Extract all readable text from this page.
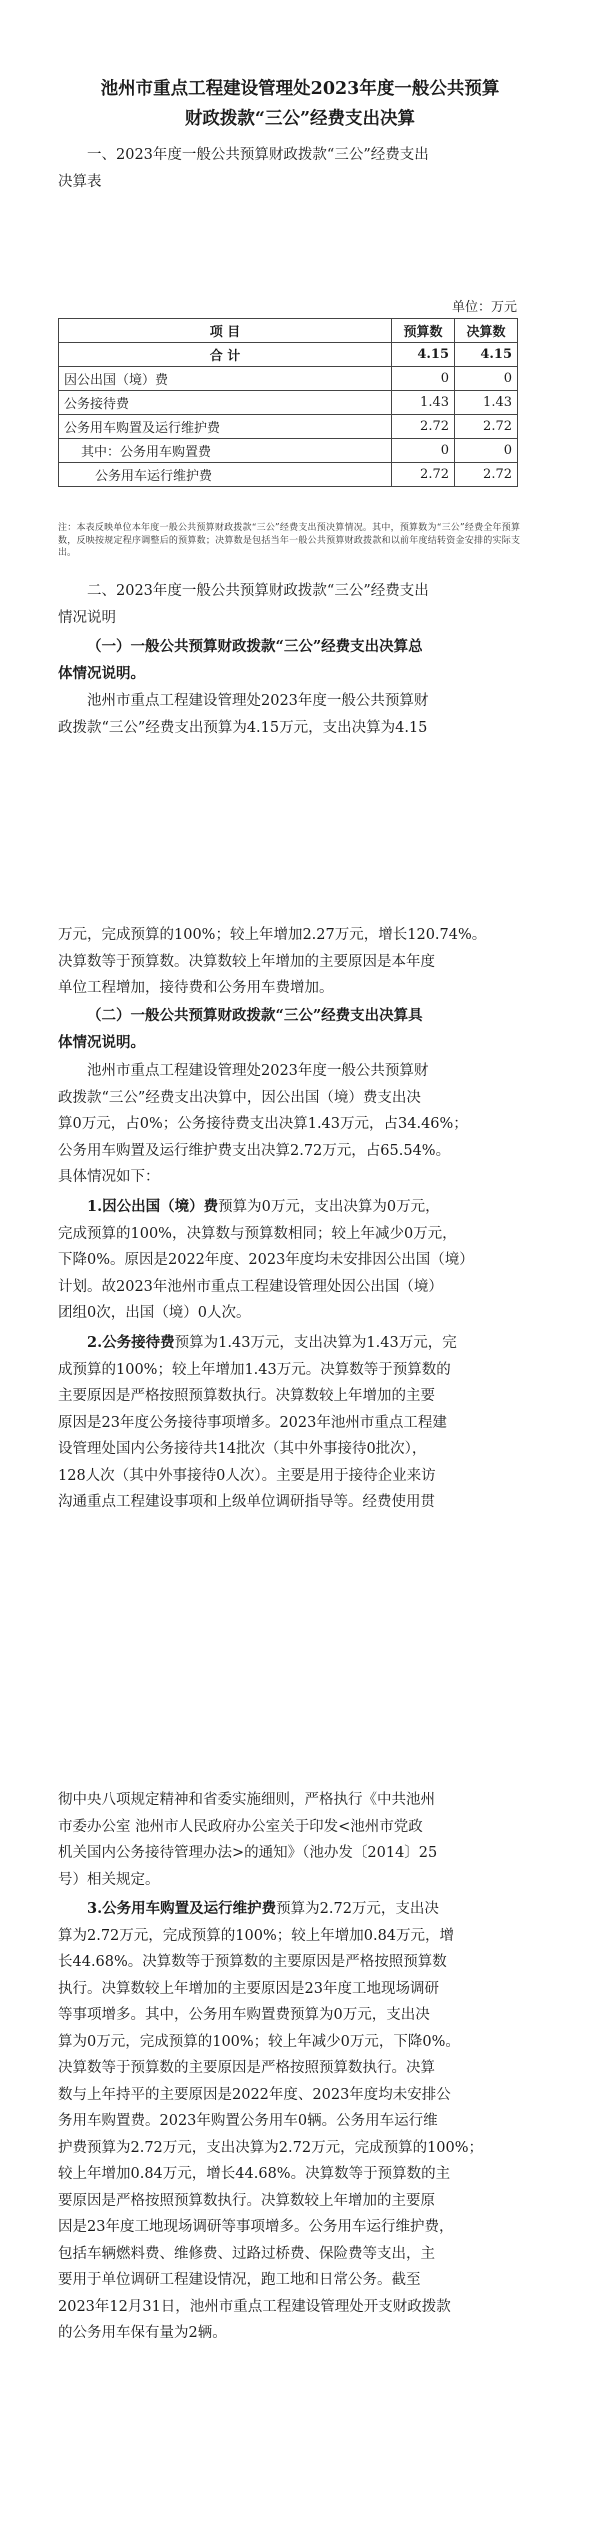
池州市重点工程建设管理处2023年度一般公共预算
财政拨款“三公”经费支出决算
一、2023年度一般公共预算财政拨款“三公”经费支出
决算表
单位：万元
项 目	预算数	决算数
合 计	4.15	4.15
因公出国（境）费	0	0
公务接待费	1.43	1.43
公务用车购置及运行维护费	2.72	2.72
其中：公务用车购置费	0	0
公务用车运行维护费	2.72	2.72
注：本表反映单位本年度一般公共预算财政拨款“三公”经费支出预决算情况。其中，预算数为“三公”经费全年预算数，反映按规定程序调整后的预算数；决算数是包括当年一般公共预算财政拨款和以前年度结转资金安排的实际支出。
二、2023年度一般公共预算财政拨款“三公”经费支出
情况说明
（一）一般公共预算财政拨款“三公”经费支出决算总
体情况说明。
池州市重点工程建设管理处2023年度一般公共预算财
政拨款“三公”经费支出预算为4.15万元，支出决算为4.15
万元，完成预算的100%；较上年增加2.27万元，增长120.74%。
决算数等于预算数。决算数较上年增加的主要原因是本年度
单位工程增加，接待费和公务用车费增加。
（二）一般公共预算财政拨款“三公”经费支出决算具
体情况说明。
池州市重点工程建设管理处2023年度一般公共预算财
政拨款“三公”经费支出决算中，因公出国（境）费支出决
算0万元，占0%；公务接待费支出决算1.43万元，占34.46%；
公务用车购置及运行维护费支出决算2.72万元，占65.54%。
具体情况如下：
1.因公出国（境）费预算为0万元，支出决算为0万元，
完成预算的100%，决算数与预算数相同；较上年减少0万元，
下降0%。原因是2022年度、2023年度均未安排因公出国（境）
计划。故2023年池州市重点工程建设管理处因公出国（境）
团组0次，出国（境）0人次。
2.公务接待费预算为1.43万元，支出决算为1.43万元，完
成预算的100%；较上年增加1.43万元。决算数等于预算数的
主要原因是严格按照预算数执行。决算数较上年增加的主要
原因是23年度公务接待事项增多。2023年池州市重点工程建
设管理处国内公务接待共14批次（其中外事接待0批次），
128人次（其中外事接待0人次）。主要是用于接待企业来访
沟通重点工程建设事项和上级单位调研指导等。经费使用贯
彻中央八项规定精神和省委实施细则，严格执行《中共池州
市委办公室 池州市人民政府办公室关于印发<池州市党政
机关国内公务接待管理办法>的通知》（池办发〔2014〕25
号）相关规定。
3.公务用车购置及运行维护费预算为2.72万元，支出决
算为2.72万元，完成预算的100%；较上年增加0.84万元，增
长44.68%。决算数等于预算数的主要原因是严格按照预算数
执行。决算数较上年增加的主要原因是23年度工地现场调研
等事项增多。其中，公务用车购置费预算为0万元，支出决
算为0万元，完成预算的100%；较上年减少0万元，下降0%。
决算数等于预算数的主要原因是严格按照预算数执行。决算
数与上年持平的主要原因是2022年度、2023年度均未安排公
务用车购置费。2023年购置公务用车0辆。公务用车运行维
护费预算为2.72万元，支出决算为2.72万元，完成预算的100%；
较上年增加0.84万元，增长44.68%。决算数等于预算数的主
要原因是严格按照预算数执行。决算数较上年增加的主要原
因是23年度工地现场调研等事项增多。公务用车运行维护费，
包括车辆燃料费、维修费、过路过桥费、保险费等支出，主
要用于单位调研工程建设情况，跑工地和日常公务。截至
2023年12月31日，池州市重点工程建设管理处开支财政拨款
的公务用车保有量为2辆。
